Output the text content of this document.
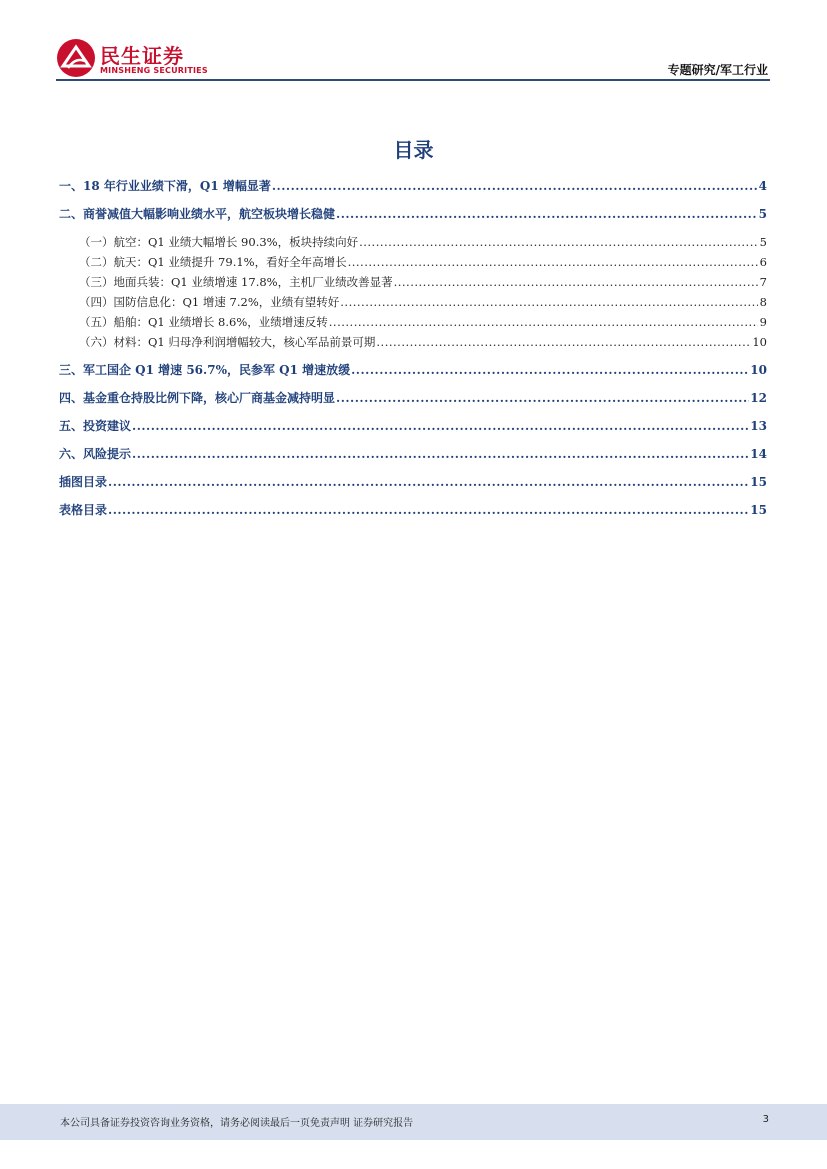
民生证券
MINSHENG SECURITIES	专题研究/军工行业
目录
一、18 年行业业绩下滑，Q1 增幅显著 .....	4
二、商誉减值大幅影响业绩水平，航空板块增长稳健 .....	5
（一）航空：Q1 业绩大幅增长 90.3%，板块持续向好 .....	5
（二）航天：Q1 业绩提升 79.1%，看好全年高增长 .....	6
（三）地面兵装：Q1 业绩增速 17.8%，主机厂业绩改善显著 .....	7
（四）国防信息化：Q1 增速 7.2%，业绩有望转好 .....	8
（五）船舶：Q1 业绩增长 8.6%，业绩增速反转 .....	9
（六）材料：Q1 归母净利润增幅较大，核心军品前景可期 .....	10
三、军工国企 Q1 增速 56.7%，民参军 Q1 增速放缓 .....	10
四、基金重仓持股比例下降，核心厂商基金减持明显 .....	12
五、投资建议 .....	13
六、风险提示 .....	14
插图目录 .....	15
表格目录 .....	15
本公司具备证券投资咨询业务资格，请务必阅读最后一页免责声明 证券研究报告	3
